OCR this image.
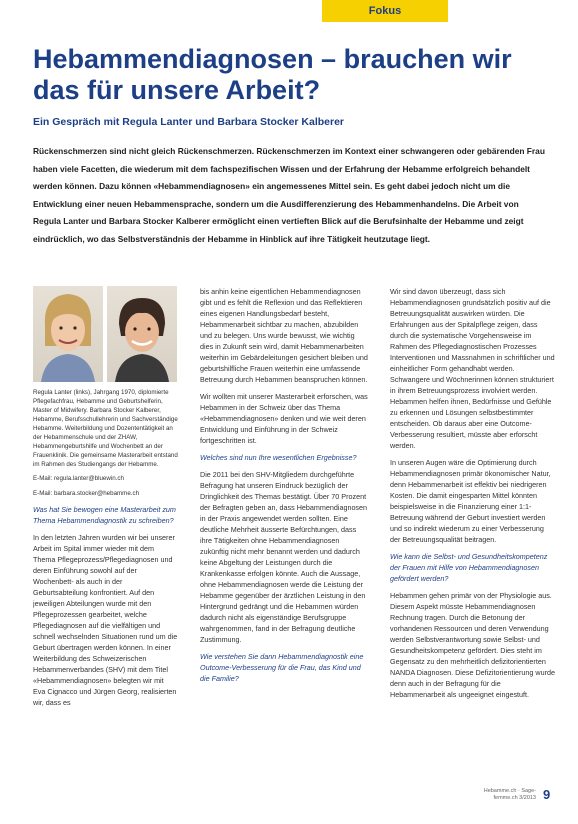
Fokus
Hebammendiagnosen – brauchen wir das für unsere Arbeit?

Ein Gespräch mit Regula Lanter und Barbara Stocker Kalberer

Rückenschmerzen sind nicht gleich Rückenschmerzen. Rückenschmerzen im Kontext einer schwangeren oder gebärenden Frau haben viele Facetten, die wiederum mit dem fachspezifischen Wissen und der Erfahrung der Hebamme erfolgreich behandelt werden können. Dazu können «Hebammendiagnosen» ein angemessenes Mittel sein. Es geht dabei jedoch nicht um die Entwicklung einer neuen Hebammensprache, sondern um die Ausdifferenzierung des Hebammenhandelns. Die Arbeit von Regula Lanter und Barbara Stocker Kalberer ermöglicht einen vertieften Blick auf die Berufsinhalte der Hebamme und zeigt eindrücklich, wo das Selbstverständnis der Hebamme in Hinblick auf ihre Tätigkeit heutzutage liegt.

Regula Lanter (links), Jahrgang 1970, diplomierte Pflegefachfrau, Hebamme und Geburtshelferin, Master of Midwifery. Barbara Stocker Kalberer, Hebamme, Berufsschullehrerin und Sachverständige Hebamme. Weiterbildung und Dozententätigkeit an der Hebammenschule und der ZHAW, Hebammengeburtshilfe und Wochenbett an der Frauenklinik. Die gemeinsame Masterarbeit entstand im Rahmen des Studiengangs der Hebamme.
E-Mail: regula.lanter@bluewin.ch
E-Mail: barbara.stocker@hebamme.ch

Was hat Sie bewogen eine Masterarbeit zum Thema Hebammendiagnostik zu schreiben?

In den letzten Jahren wurden wir bei unserer Arbeit im Spital immer wieder mit dem Thema Pflegeprozess/Pflegediagnosen und deren Einführung sowohl auf der Wochenbett- als auch in der Geburtsabteilung konfrontiert. Auf den jeweiligen Abteilungen wurde mit den Pflegeprozessen gearbeitet, welche Pflegediagnosen auf die vielfältigen und schnell wechselnden Situationen rund um die Geburt übertragen werden können. In einer Weiterbildung des Schweizerischen Hebammenverbandes (SHV) mit dem Titel «Hebammendiagnosen» belegten wir mit Eva Cignacco und Jürgen Georg, realisierten wir, dass es

bis anhin keine eigentlichen Hebammendiagnosen gibt und es fehlt die Reflexion und das Reflektieren eines eigenen Handlungsbedarf besteht, Hebammenarbeit sichtbar zu machen, abzubilden und zu belegen. Uns wurde bewusst, wie wichtig dies in Zukunft sein wird, damit Hebammenarbeiten weiterhin im Gebärdeleitungen gesichert bleiben und geburtshilfliche Frauen weiterhin eine umfassende Betreuung durch Hebammen beanspruchen können.

Wir wollten mit unserer Masterarbeit erforschen, was Hebammen in der Schweiz über das Thema «Hebammendiagnosen» denken und wie weit deren Entwicklung und Einführung in der Schweiz fortgeschritten ist.

Welches sind nun Ihre wesentlichen Ergebnisse?

Die 2011 bei den SHV-Mitgliedern durchgeführte Befragung hat unseren Eindruck bezüglich der Dringlichkeit des Themas bestätigt. Über 70 Prozent der Befragten geben an, dass Hebammendiagnosen in der Praxis angewendet werden sollten. Eine deutliche Mehrheit äusserte Befürchtungen, dass ihre Tätigkeiten ohne Hebammendiagnosen zukünftig nicht mehr benannt werden und dadurch keine Abgeltung der Leistungen durch die Krankenkasse erfolgen könnte. Auch die Aussage, ohne Hebammendiagnosen werde die Leistung der Hebamme gegenüber der ärztlichen Leistung in den Hintergrund gedrängt und die Hebammen würden dadurch nicht als eigenständige Berufsgruppe wahrgenommen, fand in der Befragung deutliche Zustimmung.

Wie verstehen Sie dann Hebammendiagnostik eine Outcome-Verbesserung für die Frau, das Kind und die Familie?

Wir sind davon überzeugt, dass sich Hebammendiagnosen grundsätzlich positiv auf die Betreuungsqualität auswirken würden. Die Erfahrungen aus der Spitalpflege zeigen, dass durch die systematische Vorgehensweise im Rahmen des Pflegediagnostischen Prozesses Interventionen und Massnahmen in schriftlicher und einheitlicher Form gehandhabt werden. Schwangere und Wöchnerinnen können strukturiert in ihrem Betreuungsprozess involviert werden. Hebammen helfen ihnen, Bedürfnisse und Gefühle zu erkennen und Lösungen selbstbestimmter entscheiden. Ob daraus aber eine Outcome-Verbesserung resultiert, müsste aber erforscht werden.

In unseren Augen wäre die Optimierung durch Hebammendiagnosen primär ökonomischer Natur, denn Hebammenarbeit ist effektiv bei niedrigeren Kosten. Die damit eingesparten Mittel könnten beispielsweise in die Finanzierung einer 1:1-Betreuung während der Geburt investiert werden und so indirekt wiederum zu einer Verbesserung der Betreuungsqualität beitragen.

Wie kann die Selbst- und Gesundheitskompetenz der Frauen mit Hilfe von Hebammendiagnosen gefördert werden?

Hebammen gehen primär von der Physiologie aus. Diesem Aspekt müsste Hebammendiagnosen Rechnung tragen. Durch die Betonung der vorhandenen Ressourcen und deren Verwendung werden Selbstverantwortung sowie Selbst- und Gesundheitskompetenz gefördert. Dies steht im Gegensatz zu den mehrheitlich defizitorientierten NANDA Diagnosen. Diese Defizitorientierung wurde denn auch in der Befragung für die Hebammenarbeit als ungeeignet eingestuft.

Hebamme.ch · Sage-femme.ch 3/2013 9
